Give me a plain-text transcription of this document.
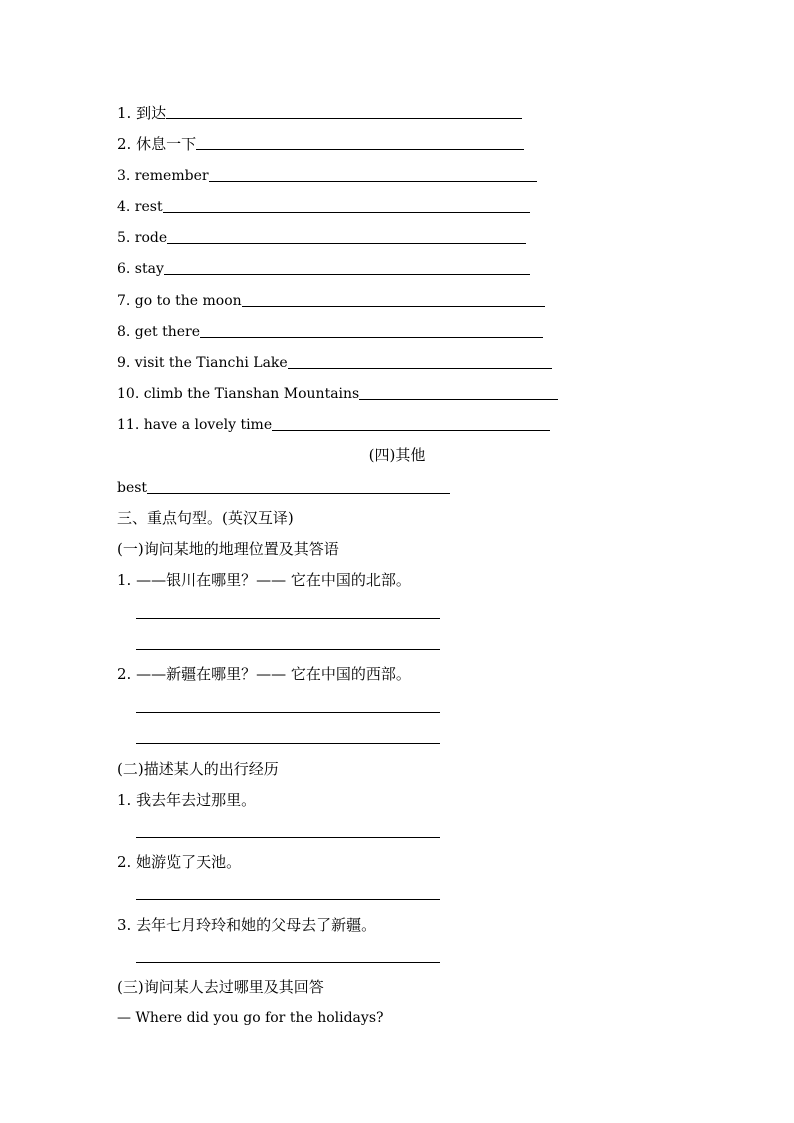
1. 到达
2. 休息一下
3. remember
4. rest
5. rode
6. stay
7. go to the moon
8. get there
9. visit the Tianchi Lake
10. climb the Tianshan Mountains
11. have a lovely time
(四)其他
best
三、重点句型。(英汉互译)
(一)询问某地的地理位置及其答语
1. ——银川在哪里？—— 它在中国的北部。
2. ——新疆在哪里？—— 它在中国的西部。
(二)描述某人的出行经历
1. 我去年去过那里。
2. 她游览了天池。
3. 去年七月玲玲和她的父母去了新疆。
(三)询问某人去过哪里及其回答
— Where did you go for the holidays?
